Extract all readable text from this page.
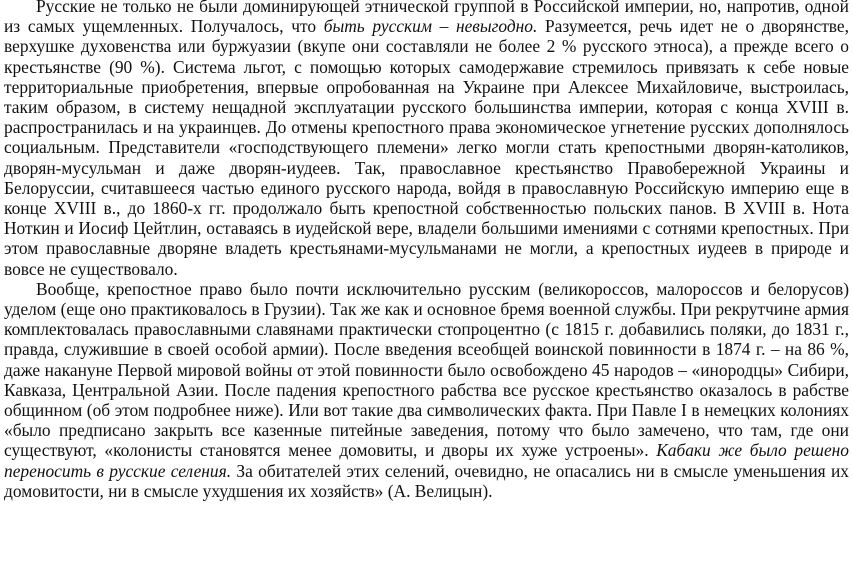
Русские не только не были доминирующей этнической группой в Российской империи, но, напротив, одной из самых ущемленных. Получалось, что быть русским – невыгодно. Разумеется, речь идет не о дворянстве, верхушке духовенства или буржуазии (вкупе они составляли не более 2 % русского этноса), а прежде всего о крестьянстве (90 %). Система льгот, с помощью которых самодержавие стремилось привязать к себе новые территориальные приобретения, впервые опробованная на Украине при Алексее Михайловиче, выстроилась, таким образом, в систему нещадной эксплуатации русского большинства империи, которая с конца XVIII в. распространилась и на украинцев. До отмены крепостного права экономическое угнетение русских дополнялось социальным. Представители «господствующего племени» легко могли стать крепостными дворян-католиков, дворян-мусульман и даже дворян-иудеев. Так, православное крестьянство Правобережной Украины и Белоруссии, считавшееся частью единого русского народа, войдя в православную Российскую империю еще в конце XVIII в., до 1860-х гг. продолжало быть крепостной собственностью польских панов. В XVIII в. Нота Ноткин и Иосиф Цейтлин, оставаясь в иудейской вере, владели большими имениями с сотнями крепостных. При этом православные дворяне владеть крестьянами-мусульманами не могли, а крепостных иудеев в природе и вовсе не существовало.

Вообще, крепостное право было почти исключительно русским (великороссов, малороссов и белорусов) уделом (еще оно практиковалось в Грузии). Так же как и основное бремя военной службы. При рекрутчине армия комплектовалась православными славянами практически стопроцентно (с 1815 г. добавились поляки, до 1831 г., правда, служившие в своей особой армии). После введения всеобщей воинской повинности в 1874 г. – на 86 %, даже накануне Первой мировой войны от этой повинности было освобождено 45 народов – «инородцы» Сибири, Кавказа, Центральной Азии. После падения крепостного рабства все русское крестьянство оказалось в рабстве общинном (об этом подробнее ниже). Или вот такие два символических факта. При Павле I в немецких колониях «было предписано закрыть все казенные питейные заведения, потому что было замечено, что там, где они существуют, «колонисты становятся менее домовиты, и дворы их хуже устроены». Кабаки же было решено переносить в русские селения. За обитателей этих селений, очевидно, не опасались ни в смысле уменьшения их домовитости, ни в смысле ухудшения их хозяйств» (А. Велицын).
